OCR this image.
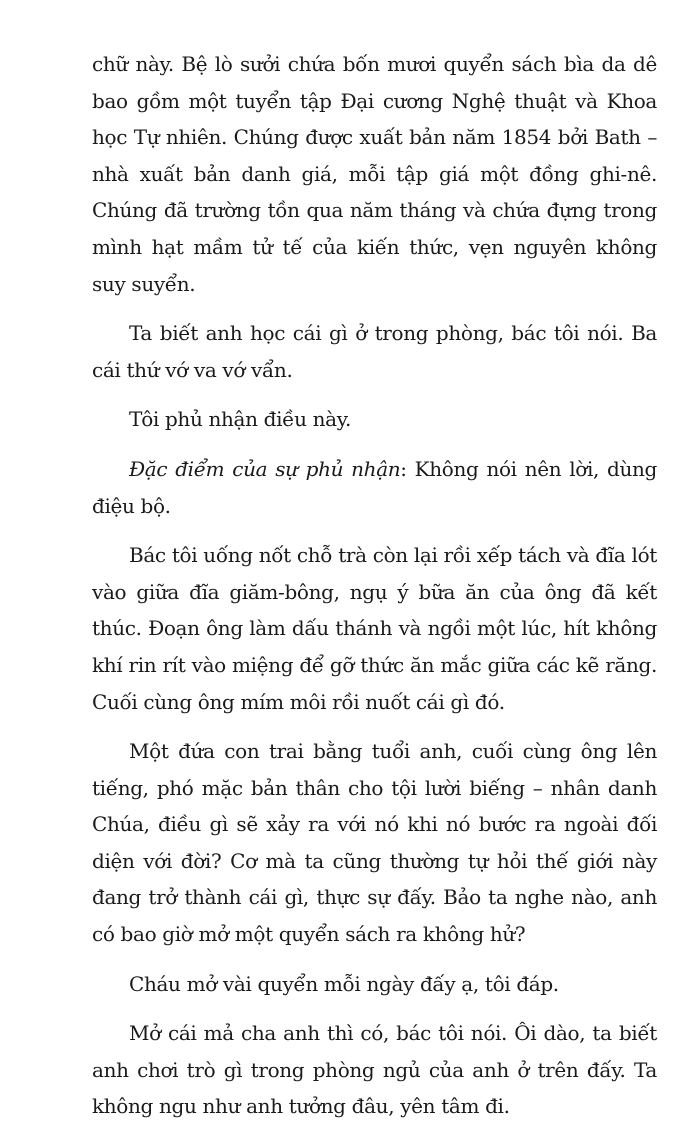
chữ này. Bệ lò sưởi chứa bốn mươi quyển sách bìa da dê bao gồm một tuyển tập Đại cương Nghệ thuật và Khoa học Tự nhiên. Chúng được xuất bản năm 1854 bởi Bath – nhà xuất bản danh giá, mỗi tập giá một đồng ghi-nê. Chúng đã trường tồn qua năm tháng và chứa đựng trong mình hạt mầm tử tế của kiến thức, vẹn nguyên không suy suyển.

Ta biết anh học cái gì ở trong phòng, bác tôi nói. Ba cái thứ vớ va vớ vẩn.

Tôi phủ nhận điều này.

Đặc điểm của sự phủ nhận: Không nói nên lời, dùng điệu bộ.

Bác tôi uống nốt chỗ trà còn lại rồi xếp tách và đĩa lót vào giữa đĩa giăm-bông, ngụ ý bữa ăn của ông đã kết thúc. Đoạn ông làm dấu thánh và ngồi một lúc, hít không khí rin rít vào miệng để gỡ thức ăn mắc giữa các kẽ răng. Cuối cùng ông mím môi rồi nuốt cái gì đó.

Một đứa con trai bằng tuổi anh, cuối cùng ông lên tiếng, phó mặc bản thân cho tội lười biếng – nhân danh Chúa, điều gì sẽ xảy ra với nó khi nó bước ra ngoài đối diện với đời? Cơ mà ta cũng thường tự hỏi thế giới này đang trở thành cái gì, thực sự đấy. Bảo ta nghe nào, anh có bao giờ mở một quyển sách ra không hử?

Cháu mở vài quyển mỗi ngày đấy ạ, tôi đáp.

Mở cái mả cha anh thì có, bác tôi nói. Ôi dào, ta biết anh chơi trò gì trong phòng ngủ của anh ở trên đấy. Ta không ngu như anh tưởng đâu, yên tâm đi.
